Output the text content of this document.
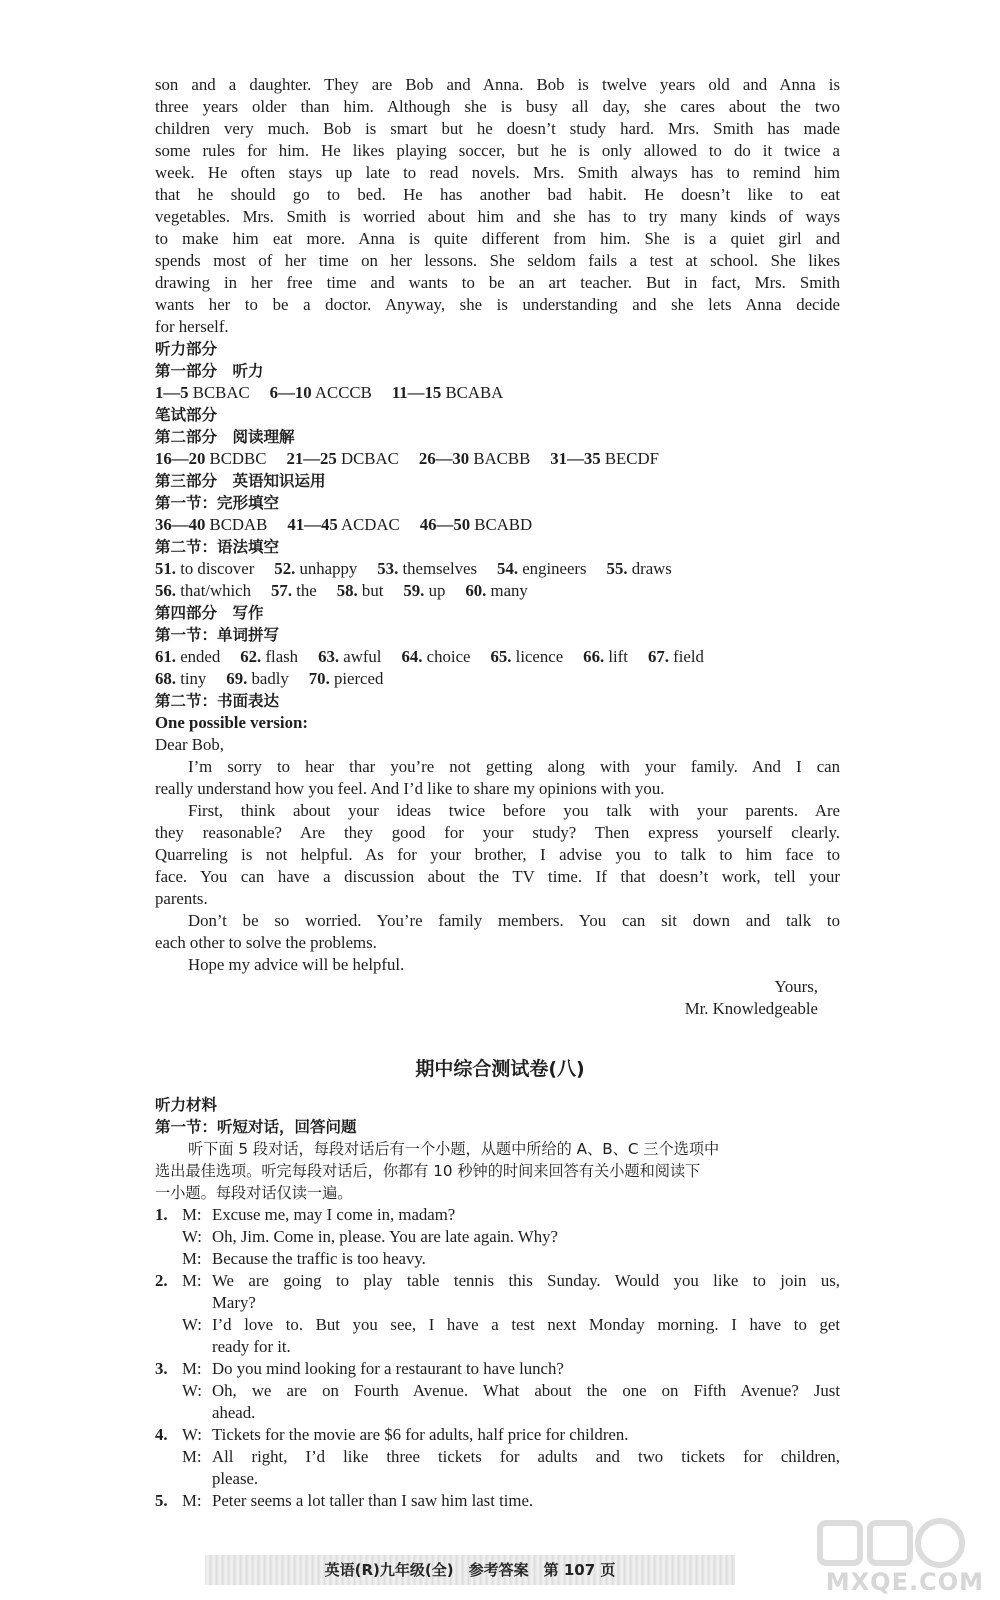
son and a daughter. They are Bob and Anna. Bob is twelve years old and Anna is
three years older than him. Although she is busy all day, she cares about the two
children very much. Bob is smart but he doesn’t study hard. Mrs. Smith has made
some rules for him. He likes playing soccer, but he is only allowed to do it twice a
week. He often stays up late to read novels. Mrs. Smith always has to remind him
that he should go to bed. He has another bad habit. He doesn’t like to eat
vegetables. Mrs. Smith is worried about him and she has to try many kinds of ways
to make him eat more. Anna is quite different from him. She is a quiet girl and
spends most of her time on her lessons. She seldom fails a test at school. She likes
drawing in her free time and wants to be an art teacher. But in fact, Mrs. Smith
wants her to be a doctor. Anyway, she is understanding and she lets Anna decide
for herself.
听力部分
第一部分　听力
1—5 BCBAC 6—10 ACCCB 11—15 BCABA
笔试部分
第二部分　阅读理解
16—20 BCDBC 21—25 DCBAC 26—30 BACBB 31—35 BECDF
第三部分　英语知识运用
第一节：完形填空
36—40 BCDAB 41—45 ACDAC 46—50 BCABD
第二节：语法填空
51. to discover 52. unhappy 53. themselves 54. engineers 55. draws
56. that/which 57. the 58. but 59. up 60. many
第四部分　写作
第一节：单词拼写
61. ended 62. flash 63. awful 64. choice 65. licence 66. lift 67. field
68. tiny 69. badly 70. pierced
第二节：书面表达
One possible version:
Dear Bob,
I’m sorry to hear thar you’re not getting along with your family. And I can
really understand how you feel. And I’d like to share my opinions with you.
First, think about your ideas twice before you talk with your parents. Are
they reasonable? Are they good for your study? Then express yourself clearly.
Quarreling is not helpful. As for your brother, I advise you to talk to him face to
face. You can have a discussion about the TV time. If that doesn’t work, tell your
parents.
Don’t be so worried. You’re family members. You can sit down and talk to
each other to solve the problems.
Hope my advice will be helpful.
Yours,
Mr. Knowledgeable
期中综合测试卷(八)
听力材料
第一节：听短对话，回答问题
听下面 5 段对话，每段对话后有一个小题，从题中所给的 A、B、C 三个选项中
选出最佳选项。听完每段对话后，你都有 10 秒钟的时间来回答有关小题和阅读下
一小题。每段对话仅读一遍。
1. M: Excuse me, may I come in, madam?
W: Oh, Jim. Come in, please. You are late again. Why?
M: Because the traffic is too heavy.
2. M: We are going to play table tennis this Sunday. Would you like to join us,
Mary?
W: I’d love to. But you see, I have a test next Monday morning. I have to get
ready for it.
3. M: Do you mind looking for a restaurant to have lunch?
W: Oh, we are on Fourth Avenue. What about the one on Fifth Avenue? Just
ahead.
4. W: Tickets for the movie are $6 for adults, half price for children.
M: All right, I’d like three tickets for adults and two tickets for children,
please.
5. M: Peter seems a lot taller than I saw him last time.
英语(R)九年级(全)　参考答案　第 107 页	MXQE.COM
